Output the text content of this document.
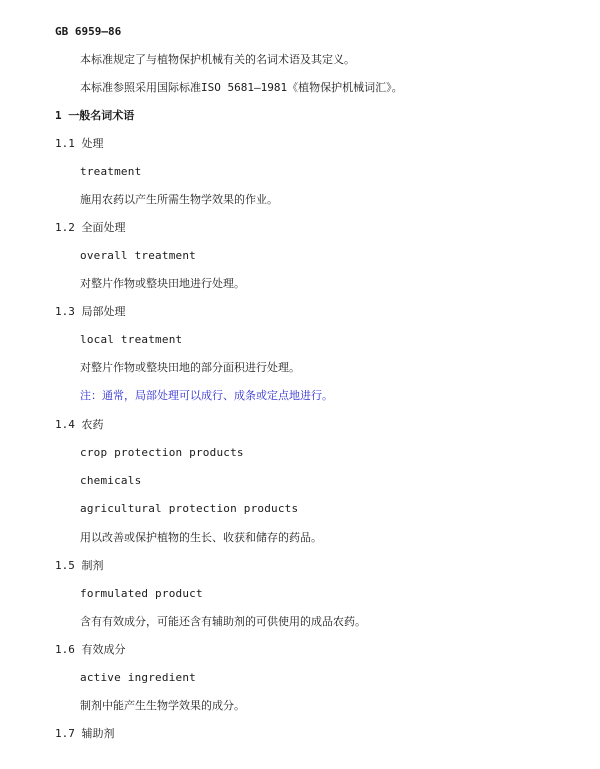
GB 6959—86
本标准规定了与植物保护机械有关的名词术语及其定义。
本标准参照采用国际标准ISO 5681—1981《植物保护机械词汇》。
1 一般名词术语
1.1 处理
treatment
施用农药以产生所需生物学效果的作业。
1.2 全面处理
overall treatment
对整片作物或整块田地进行处理。
1.3 局部处理
local treatment
对整片作物或整块田地的部分面积进行处理。
注：通常，局部处理可以成行、成条或定点地进行。
1.4 农药
crop protection products
chemicals
agricultural protection products
用以改善或保护植物的生长、收获和储存的药品。
1.5 制剂
formulated product
含有有效成分，可能还含有辅助剂的可供使用的成品农药。
1.6 有效成分
active ingredient
制剂中能产生生物学效果的成分。
1.7 辅助剂
